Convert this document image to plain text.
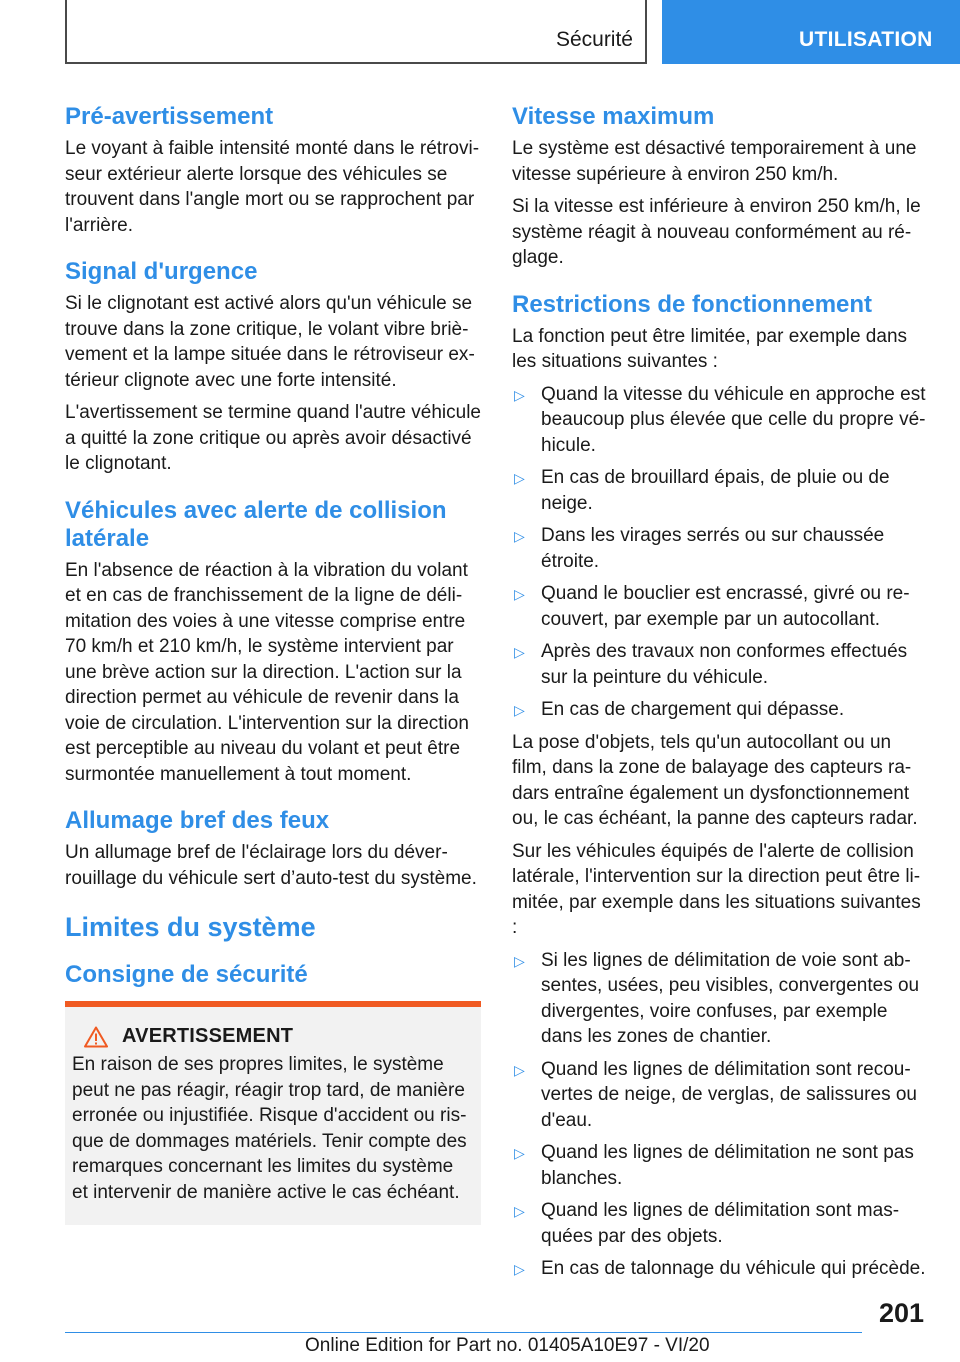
Sécurité	UTILISATION
Pré-avertissement

Le voyant à faible intensité monté dans le rétroviseur extérieur alerte lorsque des véhicules se trouvent dans l'angle mort ou se rapprochent par l'arrière.

Signal d'urgence

Si le clignotant est activé alors qu'un véhicule se trouve dans la zone critique, le volant vibre brièvement et la lampe située dans le rétroviseur extérieur clignote avec une forte intensité.

L'avertissement se termine quand l'autre véhicule a quitté la zone critique ou après avoir désactivé le clignotant.

Véhicules avec alerte de collision latérale

En l'absence de réaction à la vibration du volant et en cas de franchissement de la ligne de délimitation des voies à une vitesse comprise entre 70 km/h et 210 km/h, le système intervient par une brève action sur la direction. L'action sur la direction permet au véhicule de revenir dans la voie de circulation. L'intervention sur la direction est perceptible au niveau du volant et peut être surmontée manuellement à tout moment.

Allumage bref des feux

Un allumage bref de l'éclairage lors du déverrouillage du véhicule sert d’auto-test du système.

Limites du système
Consigne de sécurité
AVERTISSEMENT

En raison de ses propres limites, le système peut ne pas réagir, réagir trop tard, de manière erronée ou injustifiée. Risque d'accident ou risque de dommages matériels. Tenir compte des remarques concernant les limites du système et intervenir de manière active le cas échéant.

Vitesse maximum

Le système est désactivé temporairement à une vitesse supérieure à environ 250 km/h.

Si la vitesse est inférieure à environ 250 km/h, le système réagit à nouveau conformément au réglage.

Restrictions de fonctionnement

La fonction peut être limitée, par exemple dans les situations suivantes :

▷ Quand la vitesse du véhicule en approche est beaucoup plus élevée que celle du propre véhicule.
▷ En cas de brouillard épais, de pluie ou de neige.
▷ Dans les virages serrés ou sur chaussée étroite.
▷ Quand le bouclier est encrassé, givré ou recouvert, par exemple par un autocollant.
▷ Après des travaux non conformes effectués sur la peinture du véhicule.
▷ En cas de chargement qui dépasse.

La pose d'objets, tels qu'un autocollant ou un film, dans la zone de balayage des capteurs radars entraîne également un dysfonctionnement ou, le cas échéant, la panne des capteurs radar.

Sur les véhicules équipés de l'alerte de collision latérale, l'intervention sur la direction peut être limitée, par exemple dans les situations suivantes :

▷ Si les lignes de délimitation de voie sont absentes, usées, peu visibles, convergentes ou divergentes, voire confuses, par exemple dans les zones de chantier.
▷ Quand les lignes de délimitation sont recouvertes de neige, de verglas, de salissures ou d'eau.
▷ Quand les lignes de délimitation ne sont pas blanches.
▷ Quand les lignes de délimitation sont masquées par des objets.
▷ En cas de talonnage du véhicule qui précède.
201
Online Edition for Part no. 01405A10E97 - VI/20
